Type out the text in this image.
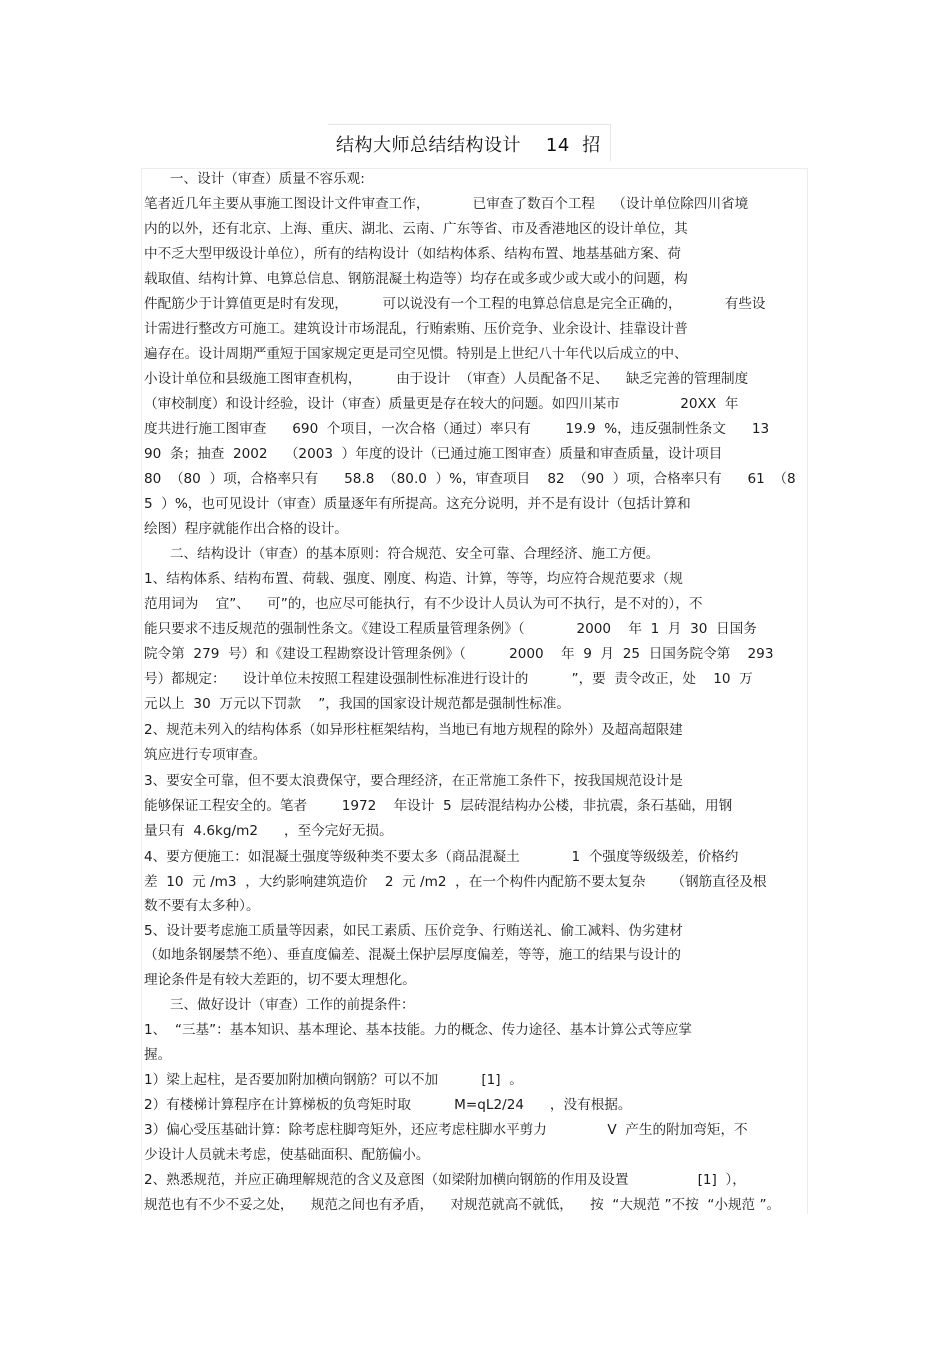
结构大师总结结构设计    14  招
一、设计（审查）质量不容乐观:
笔者近几年主要从事施工图设计文件审查工作，          已审查了数百个工程    （设计单位除四川省境
内的以外，还有北京、上海、重庆、湖北、云南、广东等省、市及香港地区的设计单位，其
中不乏大型甲级设计单位），所有的结构设计（如结构体系、结构布置、地基基础方案、荷
载取值、结构计算、电算总信息、钢筋混凝土构造等）均存在或多或少或大或小的问题，构
件配筋少于计算值更是时有发现，        可以说没有一个工程的电算总信息是完全正确的，          有些设
计需进行整改方可施工。建筑设计市场混乱，行贿索贿、压价竞争、业余设计、挂靠设计普
遍存在。设计周期严重短于国家规定更是司空见惯。特别是上世纪八十年代以后成立的中、
小设计单位和县级施工图审查机构，        由于设计  （审查）人员配备不足、    缺乏完善的管理制度
（审校制度）和设计经验，设计（审查）质量更是存在较大的问题。如四川某市              20XX  年
度共进行施工图审查      690  个项目，一次合格（通过）率只有        19.9  %，违反强制性条文      13
90  条；抽查  2002    （2003  ）年度的设计（已通过施工图审查）质量和审查质量，设计项目
80  （80  ）项，合格率只有      58.8  （80.0  ）%，审查项目    82  （90  ）项，合格率只有      61  （8
5  ）%，也可见设计（审查）质量逐年有所提高。这充分说明，并不是有设计（包括计算和
绘图）程序就能作出合格的设计。
二、结构设计（审查）的基本原则：符合规范、安全可靠、合理经济、施工方便。
1、结构体系、结构布置、荷载、强度、刚度、构造、计算，等等，均应符合规范要求（规
范用词为    宜”、    可”的，也应尽可能执行，有不少设计人员认为可不执行，是不对的），不
能只要求不违反规范的强制性条文。《建设工程质量管理条例》（            2000    年  1  月  30  日国务
院令第  279  号）和《建设工程勘察设计管理条例》（          2000    年  9  月  25  日国务院令第    293
号）都规定：    设计单位未按照工程建设强制性标准进行设计的          ”，要  责令改正，处    10  万
元以上  30  万元以下罚款    ”，我国的国家设计规范都是强制性标准。
2、规范未列入的结构体系（如异形柱框架结构，当地已有地方规程的除外）及超高超限建
筑应进行专项审查。
3、要安全可靠，但不要太浪费保守，要合理经济，在正常施工条件下，按我国规范设计是
能够保证工程安全的。笔者        1972    年设计  5  层砖混结构办公楼，非抗震，条石基础，用钢
量只有  4.6kg/m2      ，至今完好无损。
4、要方便施工：如混凝土强度等级种类不要太多（商品混凝土            1  个强度等级级差，价格约
差  10  元 /m3  ，大约影响建筑造价    2  元 /m2  ，在一个构件内配筋不要太复杂      （钢筋直径及根
数不要有太多种）。
5、设计要考虑施工质量等因素，如民工素质、压价竞争、行贿送礼、偷工减料、伪劣建材
（如地条钢屡禁不绝）、垂直度偏差、混凝土保护层厚度偏差，等等，施工的结果与设计的
理论条件是有较大差距的，切不要太理想化。
三、做好设计（审查）工作的前提条件：
1、  “三基”：基本知识、基本理论、基本技能。力的概念、传力途径、基本计算公式等应掌
握。
1）梁上起柱，是否要加附加横向钢筋？可以不加          [1]  。
2）有楼梯计算程序在计算梯板的负弯矩时取          M=qL2/24      ，没有根据。
3）偏心受压基础计算：除考虑柱脚弯矩外，还应考虑柱脚水平剪力              V  产生的附加弯矩，不
少设计人员就未考虑，使基础面积、配筋偏小。
2、熟悉规范，并应正确理解规范的含义及意图（如梁附加横向钢筋的作用及设置                [1]  ），
规范也有不少不妥之处，    规范之间也有矛盾，    对规范就高不就低，    按  “大规范 ”不按  “小规范 ”。
